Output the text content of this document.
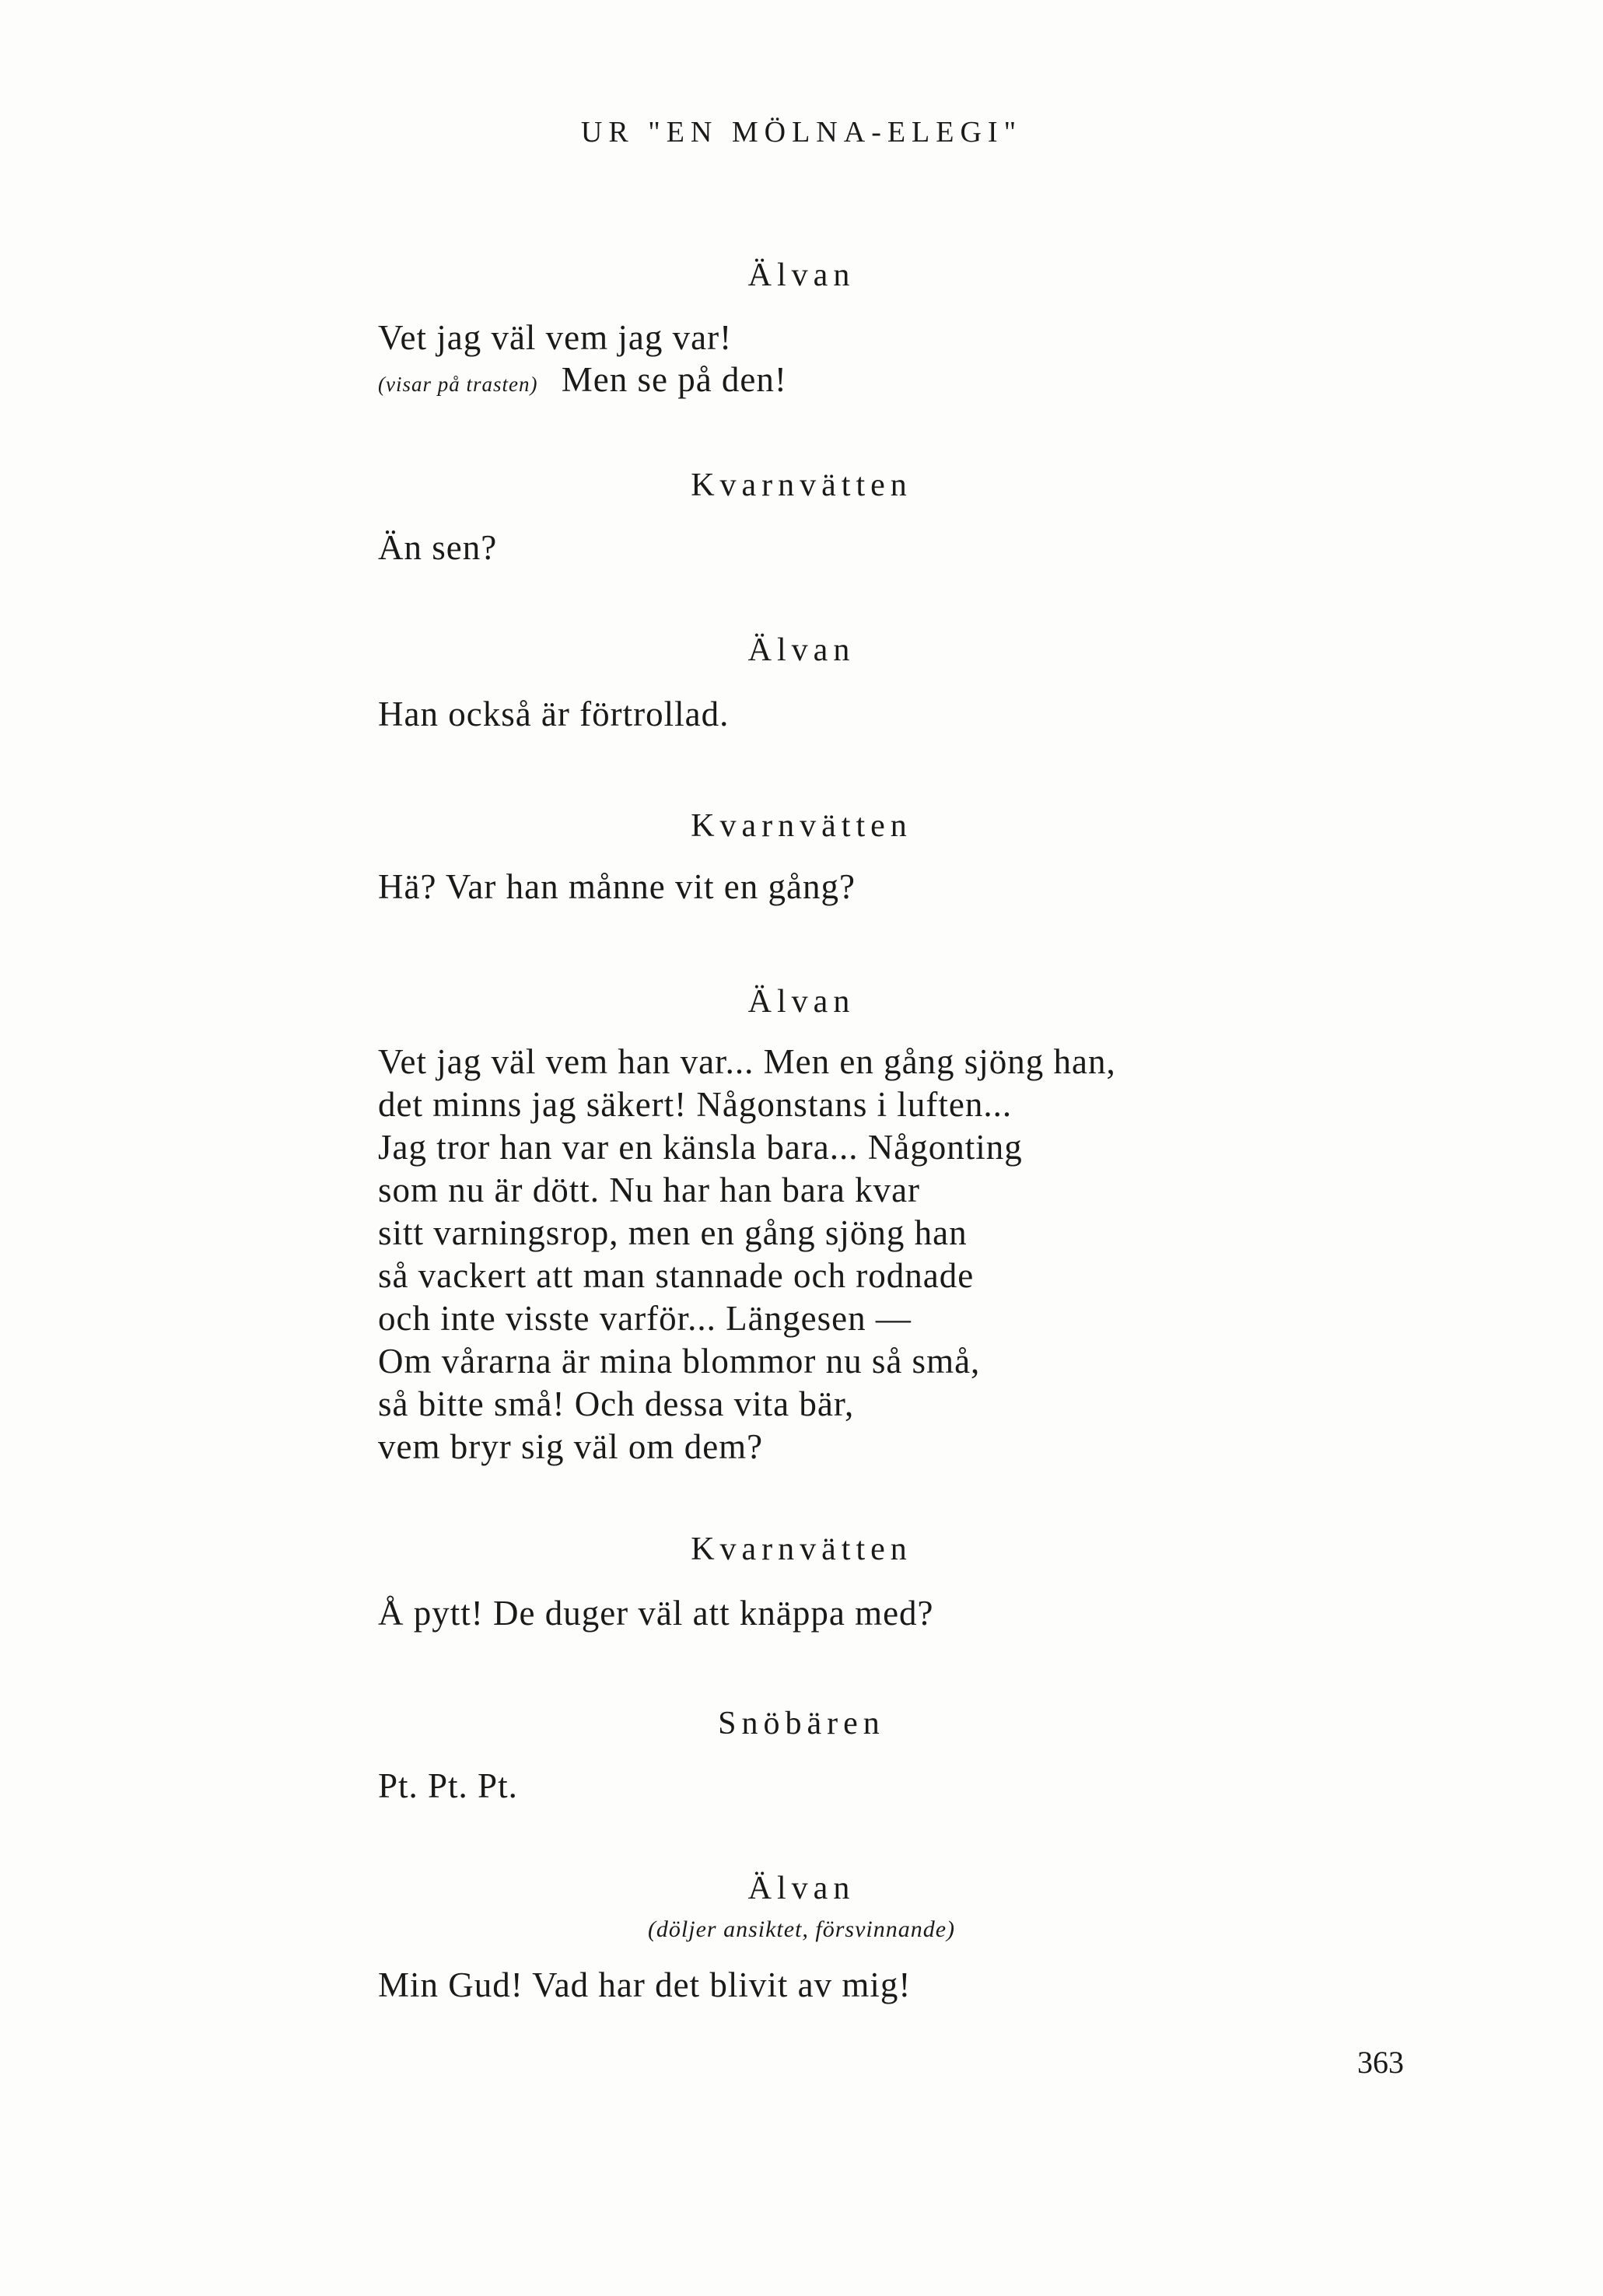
UR "EN MÖLNA-ELEGI"
Älvan
Vet jag väl vem jag var!
(visar på trasten) Men se på den!
Kvarnvätten
Än sen?
Älvan
Han också är förtrollad.
Kvarnvätten
Hä? Var han månne vit en gång?
Älvan
Vet jag väl vem han var... Men en gång sjöng han,
det minns jag säkert! Någonstans i luften...
Jag tror han var en känsla bara... Någonting
som nu är dött. Nu har han bara kvar
sitt varningsrop, men en gång sjöng han
så vackert att man stannade och rodnade
och inte visste varför... Längesen —
Om vårarna är mina blommor nu så små,
så bitte små! Och dessa vita bär,
vem bryr sig väl om dem?
Kvarnvätten
Å pytt! De duger väl att knäppa med?
Snöbären
Pt. Pt. Pt.
Älvan
(döljer ansiktet, försvinnande)
Min Gud! Vad har det blivit av mig!
363
